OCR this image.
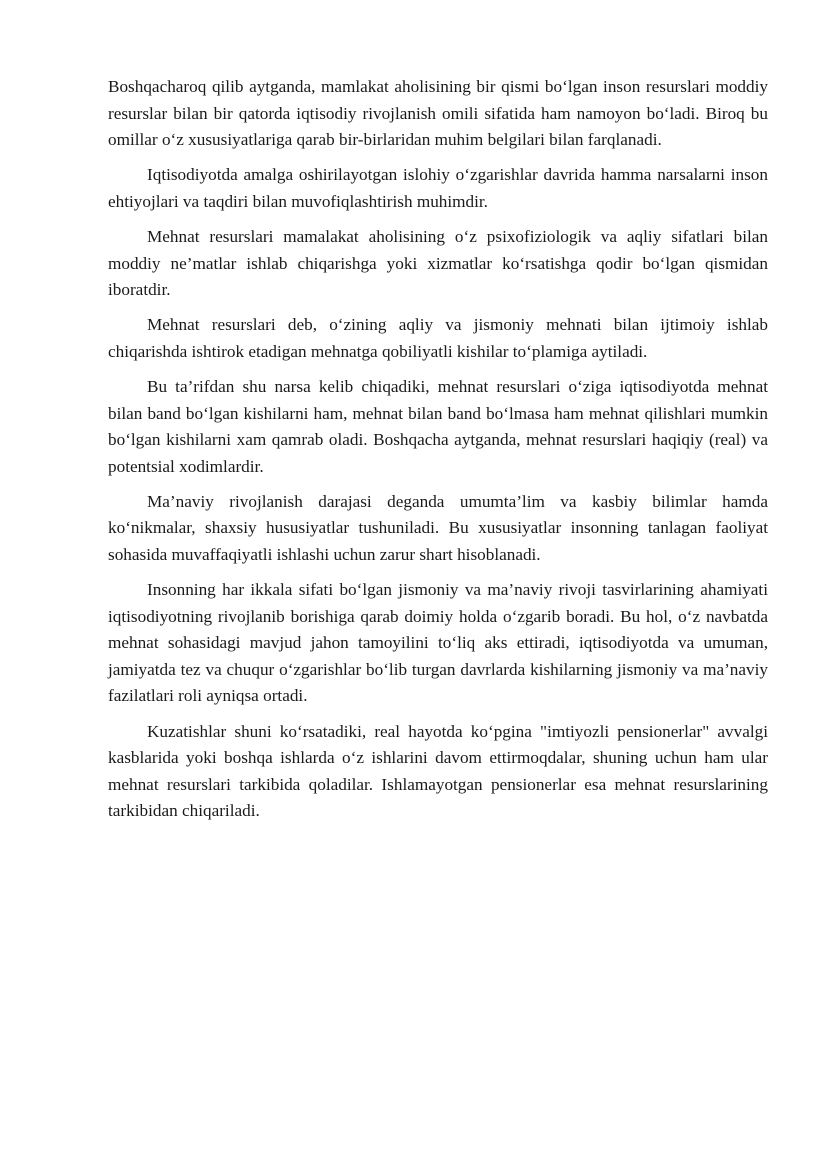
Boshqacharoq qilib aytganda, mamlakat aholisining bir qismi bo‘lgan inson resurslari moddiy resurslar bilan bir qatorda iqtisodiy rivojlanish omili sifatida ham namoyon bo‘ladi. Biroq bu omillar o‘z xususiyatlariga qarab bir-birlaridan muhim belgilari bilan farqlanadi.

Iqtisodiyotda amalga oshirilayotgan islohiy o‘zgarishlar davrida hamma narsalarni inson ehtiyojlari va taqdiri bilan muvofiqlashtirish muhimdir.

Mehnat resurslari mamalakat aholisining o‘z psixofiziologik va aqliy sifatlari bilan moddiy ne’matlar ishlab chiqarishga yoki xizmatlar ko‘rsatishga qodir bo‘lgan qismidan iboratdir.

Mehnat resurslari deb, o‘zining aqliy va jismoniy mehnati bilan ijtimoiy ishlab chiqarishda ishtirok etadigan mehnatga qobiliyatli kishilar to‘plamiga aytiladi.

Bu ta’rifdan shu narsa kelib chiqadiki, mehnat resurslari o‘ziga iqtisodiyotda mehnat bilan band bo‘lgan kishilarni ham, mehnat bilan band bo‘lmasa ham mehnat qilishlari mumkin bo‘lgan kishilarni xam qamrab oladi. Boshqacha aytganda, mehnat resurslari haqiqiy (real) va potentsial xodimlardir.

Ma’naviy rivojlanish darajasi deganda umumta’lim va kasbiy bilimlar hamda ko‘nikmalar, shaxsiy hususiyatlar tushuniladi. Bu xususiyatlar insonning tanlagan faoliyat sohasida muvaffaqiyatli ishlashi uchun zarur shart hisoblanadi.

Insonning har ikkala sifati bo‘lgan jismoniy va ma’naviy rivoji tasvirlarining ahamiyati iqtisodiyotning rivojlanib borishiga qarab doimiy holda o‘zgarib boradi. Bu hol, o‘z navbatda mehnat sohasidagi mavjud jahon tamoyilini to‘liq aks ettiradi, iqtisodiyotda va umuman, jamiyatda tez va chuqur o‘zgarishlar bo‘lib turgan davrlarda kishilarning jismoniy va ma’naviy fazilatlari roli ayniqsa ortadi.

Kuzatishlar shuni ko‘rsatadiki, real hayotda ko‘pgina "imtiyozli pensionerlar" avvalgi kasblarida yoki boshqa ishlarda o‘z ishlarini davom ettirmoqdalar, shuning uchun ham ular mehnat resurslari tarkibida qoladilar. Ishlamayotgan pensionerlar esa mehnat resurslarining tarkibidan chiqariladi.
